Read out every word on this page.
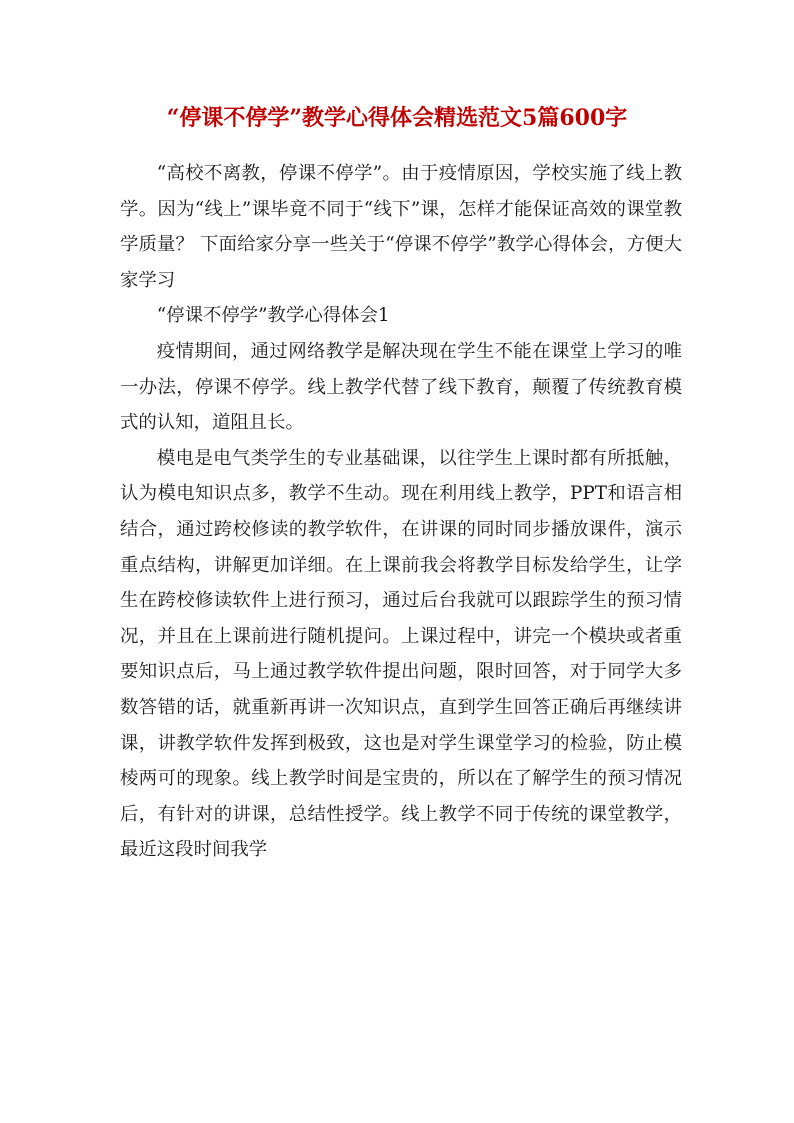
“停课不停学”教学心得体会精选范文5篇600字

“高校不离教，停课不停学”。由于疫情原因，学校实施了线上教学。因为“线上”课毕竟不同于“线下”课，怎样才能保证高效的课堂教学质量？ 下面给家分享一些关于“停课不停学”教学心得体会，方便大家学习

“停课不停学”教学心得体会1

疫情期间，通过网络教学是解决现在学生不能在课堂上学习的唯一办法，停课不停学。线上教学代替了线下教育，颠覆了传统教育模式的认知，道阻且长。

模电是电气类学生的专业基础课，以往学生上课时都有所抵触，认为模电知识点多，教学不生动。现在利用线上教学，PPT和语言相结合，通过跨校修读的教学软件，在讲课的同时同步播放课件，演示重点结构，讲解更加详细。在上课前我会将教学目标发给学生，让学生在跨校修读软件上进行预习，通过后台我就可以跟踪学生的预习情况，并且在上课前进行随机提问。上课过程中，讲完一个模块或者重要知识点后，马上通过教学软件提出问题，限时回答，对于同学大多数答错的话，就重新再讲一次知识点，直到学生回答正确后再继续讲课，讲教学软件发挥到极致，这也是对学生课堂学习的检验，防止模棱两可的现象。线上教学时间是宝贵的，所以在了解学生的预习情况后，有针对的讲课，总结性授学。线上教学不同于传统的课堂教学，最近这段时间我学
